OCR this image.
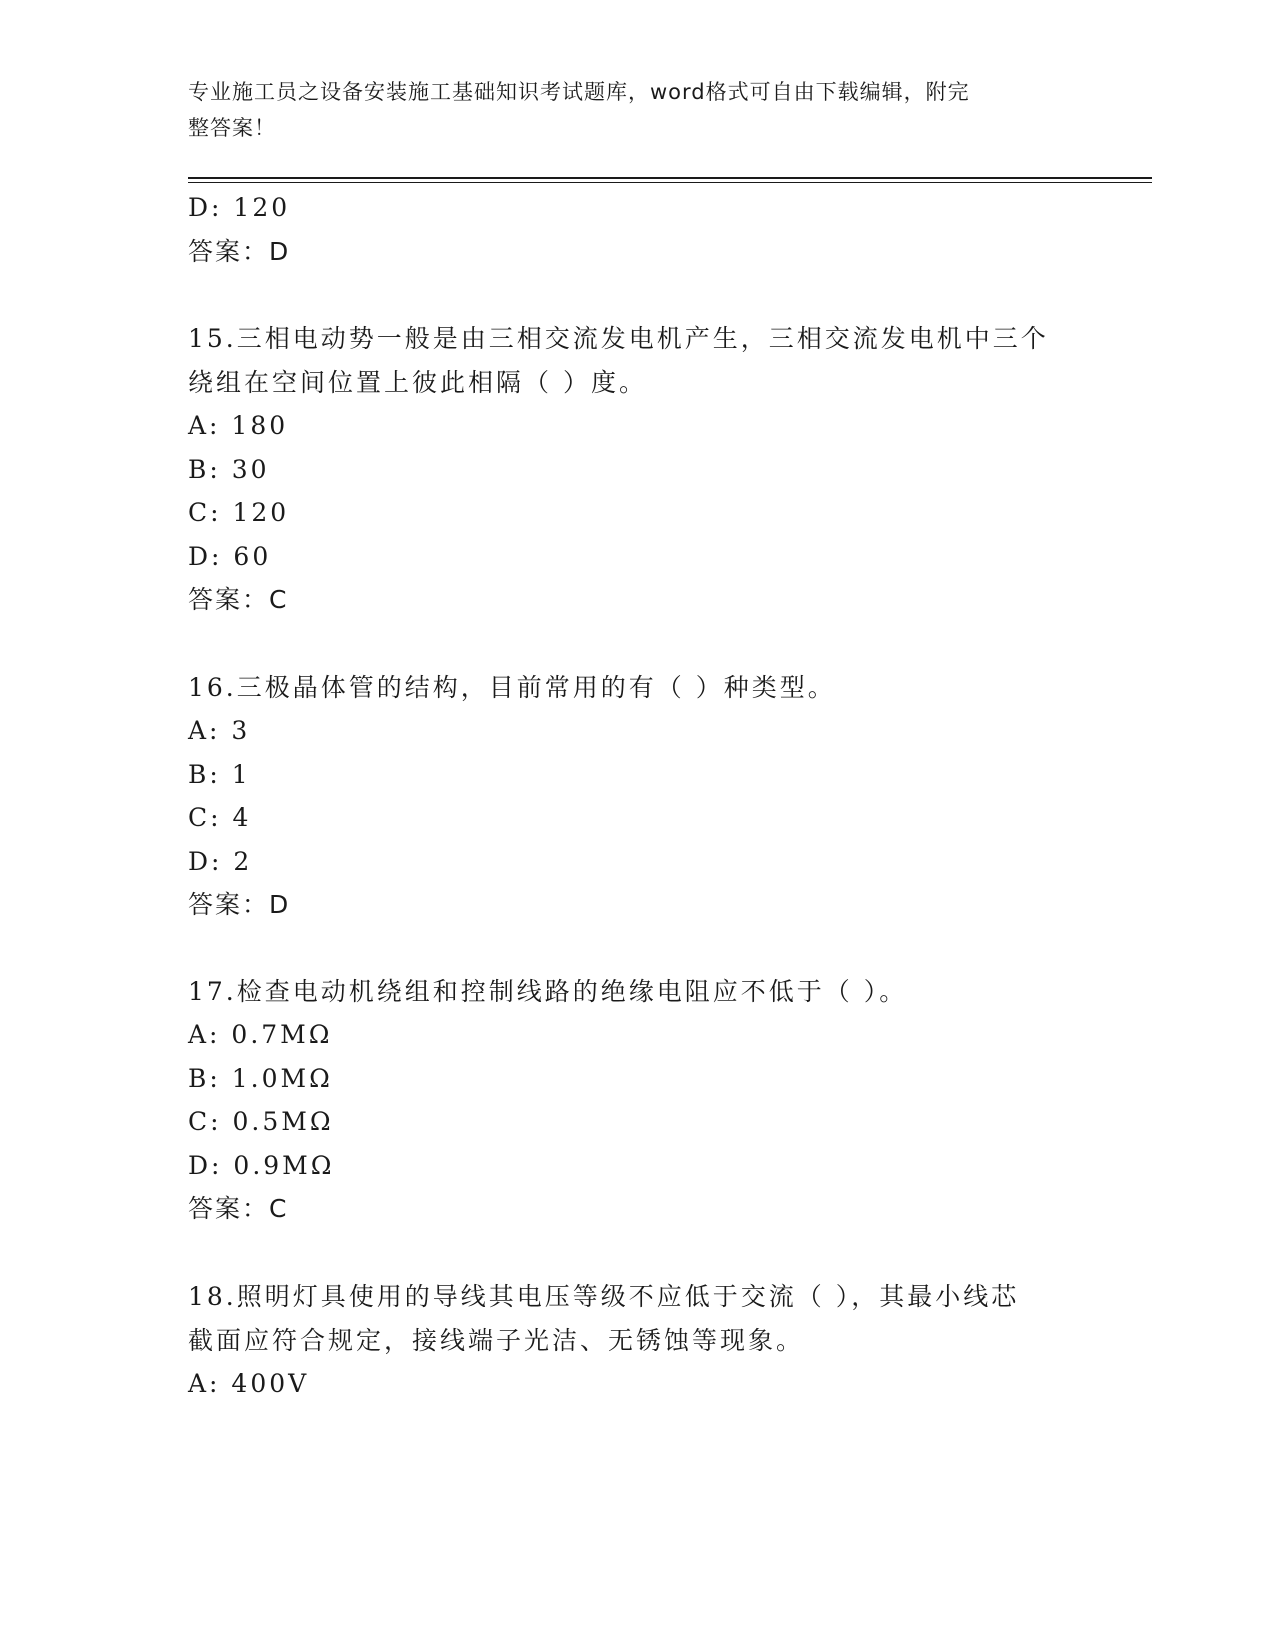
专业施工员之设备安装施工基础知识考试题库，word格式可自由下载编辑，附完
整答案！
D: 120
答案：D
15.三相电动势一般是由三相交流发电机产生，三相交流发电机中三个
绕组在空间位置上彼此相隔（ ）度。
A: 180
B: 30
C: 120
D: 60
答案：C
16.三极晶体管的结构，目前常用的有（ ）种类型。
A: 3
B: 1
C: 4
D: 2
答案：D
17.检查电动机绕组和控制线路的绝缘电阻应不低于（ ）。
A: 0.7MΩ
B: 1.0MΩ
C: 0.5MΩ
D: 0.9MΩ
答案：C
18.照明灯具使用的导线其电压等级不应低于交流（ ），其最小线芯
截面应符合规定，接线端子光洁、无锈蚀等现象。
A: 400V
